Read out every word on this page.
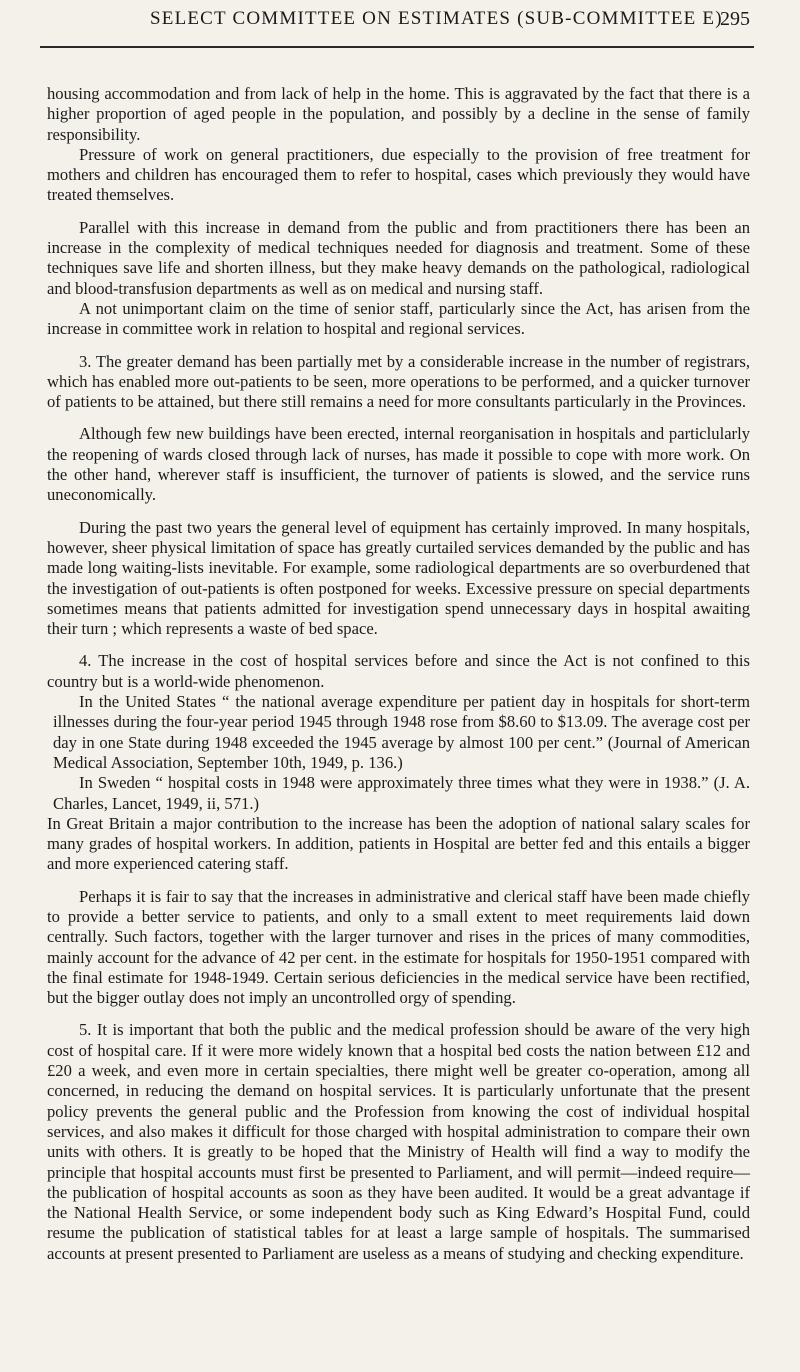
SELECT COMMITTEE ON ESTIMATES (SUB-COMMITTEE E)
295

housing accommodation and from lack of help in the home. This is aggravated by the fact that there is a higher proportion of aged people in the population, and possibly by a decline in the sense of family responsibility.

Pressure of work on general practitioners, due especially to the provision of free treatment for mothers and children has encouraged them to refer to hospital, cases which previously they would have treated themselves.

Parallel with this increase in demand from the public and from practitioners there has been an increase in the complexity of medical techniques needed for diagnosis and treatment. Some of these techniques save life and shorten illness, but they make heavy demands on the pathological, radiological and blood-transfusion departments as well as on medical and nursing staff.

A not unimportant claim on the time of senior staff, particularly since the Act, has arisen from the increase in committee work in relation to hospital and regional services.

3. The greater demand has been partially met by a considerable increase in the number of registrars, which has enabled more out-patients to be seen, more operations to be performed, and a quicker turnover of patients to be attained, but there still remains a need for more consultants particularly in the Provinces.

Although few new buildings have been erected, internal reorganisation in hospitals and particlularly the reopening of wards closed through lack of nurses, has made it possible to cope with more work. On the other hand, wherever staff is insufficient, the turnover of patients is slowed, and the service runs uneconomically.

During the past two years the general level of equipment has certainly improved. In many hospitals, however, sheer physical limitation of space has greatly curtailed services demanded by the public and has made long waiting-lists inevitable. For example, some radiological departments are so overburdened that the investigation of out-patients is often postponed for weeks. Excessive pressure on special departments sometimes means that patients admitted for investigation spend unnecessary days in hospital awaiting their turn ; which represents a waste of bed space.

4. The increase in the cost of hospital services before and since the Act is not confined to this country but is a world-wide phenomenon.

In the United States “ the national average expenditure per patient day in hospitals for short-term illnesses during the four-year period 1945 through 1948 rose from $8.60 to $13.09. The average cost per day in one State during 1948 exceeded the 1945 average by almost 100 per cent.” (Journal of American Medical Association, September 10th, 1949, p. 136.)

In Sweden “ hospital costs in 1948 were approximately three times what they were in 1938.” (J. A. Charles, Lancet, 1949, ii, 571.)

In Great Britain a major contribution to the increase has been the adoption of national salary scales for many grades of hospital workers. In addition, patients in Hospital are better fed and this entails a bigger and more experienced catering staff.

Perhaps it is fair to say that the increases in administrative and clerical staff have been made chiefly to provide a better service to patients, and only to a small extent to meet requirements laid down centrally. Such factors, together with the larger turnover and rises in the prices of many commodities, mainly account for the advance of 42 per cent. in the estimate for hospitals for 1950-1951 compared with the final estimate for 1948-1949. Certain serious deficiencies in the medical service have been rectified, but the bigger outlay does not imply an uncontrolled orgy of spending.

5. It is important that both the public and the medical profession should be aware of the very high cost of hospital care. If it were more widely known that a hospital bed costs the nation between £12 and £20 a week, and even more in certain specialties, there might well be greater co-operation, among all concerned, in reducing the demand on hospital services. It is particularly unfortunate that the present policy prevents the general public and the Profession from knowing the cost of individual hospital services, and also makes it difficult for those charged with hospital administration to compare their own units with others. It is greatly to be hoped that the Ministry of Health will find a way to modify the principle that hospital accounts must first be presented to Parliament, and will permit—indeed require—the publication of hospital accounts as soon as they have been audited. It would be a great advantage if the National Health Service, or some independent body such as King Edward’s Hospital Fund, could resume the publication of statistical tables for at least a large sample of hospitals. The summarised accounts at present presented to Parliament are useless as a means of studying and checking expenditure.
